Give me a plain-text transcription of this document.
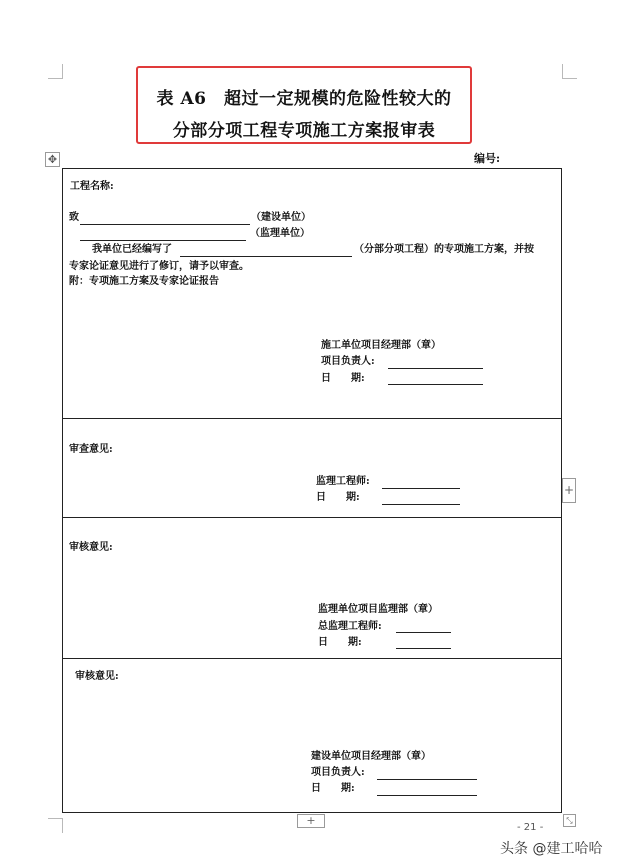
表 A6　超过一定规模的危险性较大的
分部分项工程专项施工方案报审表
✥	编号:
工程名称:
致	（建设单位）
（监理单位）
我单位已经编写了	（分部分项工程）的专项施工方案，并按
专家论证意见进行了修订，请予以审查。
附：专项施工方案及专家论证报告
施工单位项目经理部（章）
项目负责人:
日　　期:
审查意见:
监理工程师:
日　　期:
审核意见:
监理单位项目监理部（章）
总监理工程师:
日　　期:
审核意见:
建设单位项目经理部（章）
项目负责人:
日　　期:
+
+	⤡
- 21 -
头条 @建工哈哈
